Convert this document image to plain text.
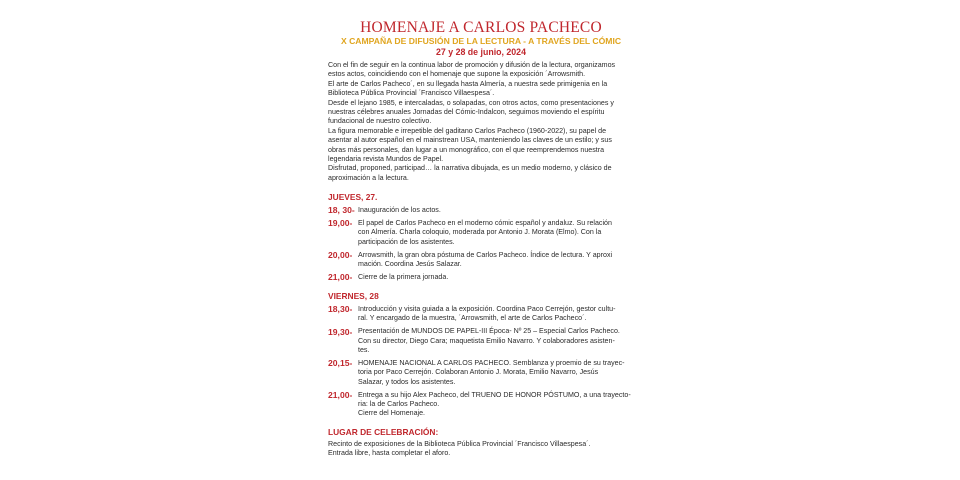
HOMENAJE A CARLOS PACHECO
X CAMPAÑA DE DIFUSIÓN DE LA LECTURA - A TRAVÉS DEL CÓMIC
27 y 28 de junio, 2024

Con el fin de seguir en la continua labor de promoción y difusión de la lectura, organizamos

estos actos, coincidiendo con el homenaje que supone la exposición ´Arrowsmith.

El arte de Carlos Pacheco´, en su llegada hasta Almería, a nuestra sede primigenia en la

Biblioteca Pública Provincial ´Francisco Villaespesa´.

Desde el lejano 1985, e intercaladas, o solapadas, con otros actos, como presentaciones y

nuestras célebres anuales Jornadas del Cómic-Indalcon, seguimos moviendo el espíritu

fundacional de nuestro colectivo.

La figura memorable e irrepetible del gaditano Carlos Pacheco (1960-2022), su papel de

asentar al autor español en el mainstrean USA, manteniendo las claves de un estilo; y sus

obras más personales, dan lugar a un monográfico, con el que reemprendemos nuestra

legendaria revista Mundos de Papel.

Disfrutad, proponed, participad… la narrativa dibujada, es un medio moderno, y clásico de

aproximación a la lectura.

JUEVES, 27.
18, 30- Inauguración de los actos.
19,00- El papel de Carlos Pacheco en el moderno cómic español y andaluz. Su relación
con Almería. Charla coloquio, moderada por Antonio J. Morata (Elmo). Con la
participación de los asistentes.
20,00- Arrowsmith, la gran obra póstuma de Carlos Pacheco. Índice de lectura. Y aproxi
mación. Coordina Jesús Salazar.
21,00- Cierre de la primera jornada.
VIERNES, 28
18,30- Introducción y visita guiada a la exposición. Coordina Paco Cerrejón, gestor cultu-
ral. Y encargado de la muestra, ´Arrowsmith, el arte de Carlos Pacheco´.
19,30- Presentación de MUNDOS DE PAPEL-III Época- Nº 25 – Especial Carlos Pacheco.
Con su director, Diego Cara; maquetista Emilio Navarro. Y colaboradores asisten-
tes.
20,15- HOMENAJE NACIONAL A CARLOS PACHECO. Semblanza y proemio de su trayec-
toria por Paco Cerrejón. Colaboran Antonio J. Morata, Emilio Navarro, Jesús
Salazar, y todos los asistentes.
21,00- Entrega a su hijo Alex Pacheco, del TRUENO DE HONOR PÓSTUMO, a una trayecto-
ria: la de Carlos Pacheco.
Cierre del Homenaje.
LUGAR DE CELEBRACIÓN:

Recinto de exposiciones de la Biblioteca Pública Provincial ´Francisco Villaespesa´.

Entrada libre, hasta completar el aforo.
